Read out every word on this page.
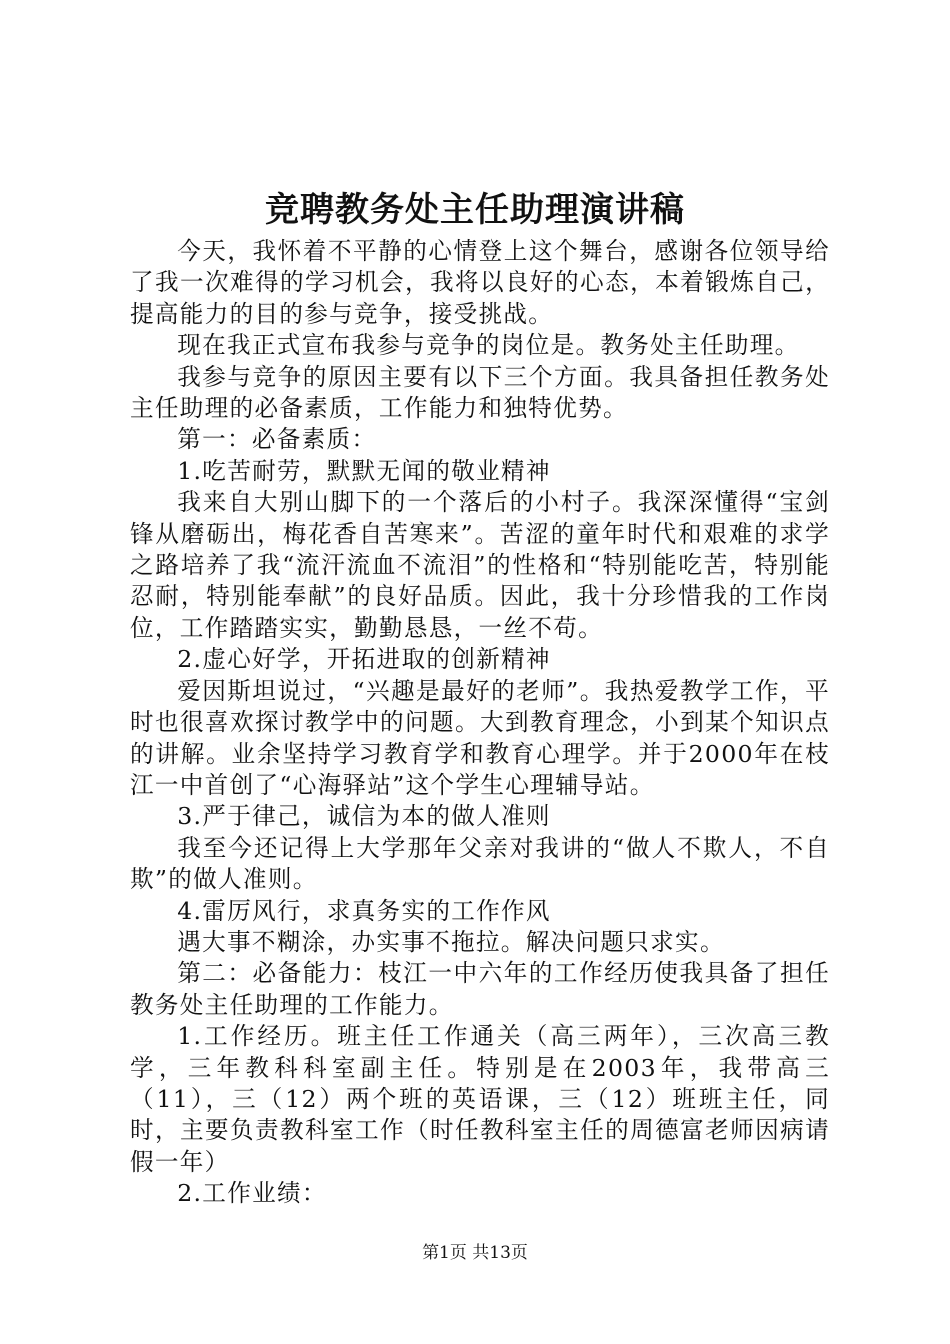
竞聘教务处主任助理演讲稿

今天，我怀着不平静的心情登上这个舞台，感谢各位领导给了我一次难得的学习机会，我将以良好的心态，本着锻炼自己，提高能力的目的参与竞争，接受挑战。

现在我正式宣布我参与竞争的岗位是。教务处主任助理。

我参与竞争的原因主要有以下三个方面。我具备担任教务处主任助理的必备素质，工作能力和独特优势。

第一：必备素质：

1.吃苦耐劳，默默无闻的敬业精神

我来自大别山脚下的一个落后的小村子。我深深懂得“宝剑锋从磨砺出，梅花香自苦寒来”。苦涩的童年时代和艰难的求学之路培养了我“流汗流血不流泪”的性格和“特别能吃苦，特别能忍耐，特别能奉献”的良好品质。因此，我十分珍惜我的工作岗位，工作踏踏实实，勤勤恳恳，一丝不苟。

2.虚心好学，开拓进取的创新精神

爱因斯坦说过，“兴趣是最好的老师”。我热爱教学工作，平时也很喜欢探讨教学中的问题。大到教育理念，小到某个知识点的讲解。业余坚持学习教育学和教育心理学。并于2000年在枝江一中首创了“心海驿站”这个学生心理辅导站。

3.严于律己，诚信为本的做人准则

我至今还记得上大学那年父亲对我讲的“做人不欺人，不自欺”的做人准则。

4.雷厉风行，求真务实的工作作风

遇大事不糊涂，办实事不拖拉。解决问题只求实。

第二：必备能力：枝江一中六年的工作经历使我具备了担任教务处主任助理的工作能力。

1.工作经历。班主任工作通关（高三两年），三次高三教学，三年教科科室副主任。特别是在2003年，我带高三（11），三（12）两个班的英语课，三（12）班班主任，同时，主要负责教科室工作（时任教科室主任的周德富老师因病请假一年）

2.工作业绩：

第1页 共13页
